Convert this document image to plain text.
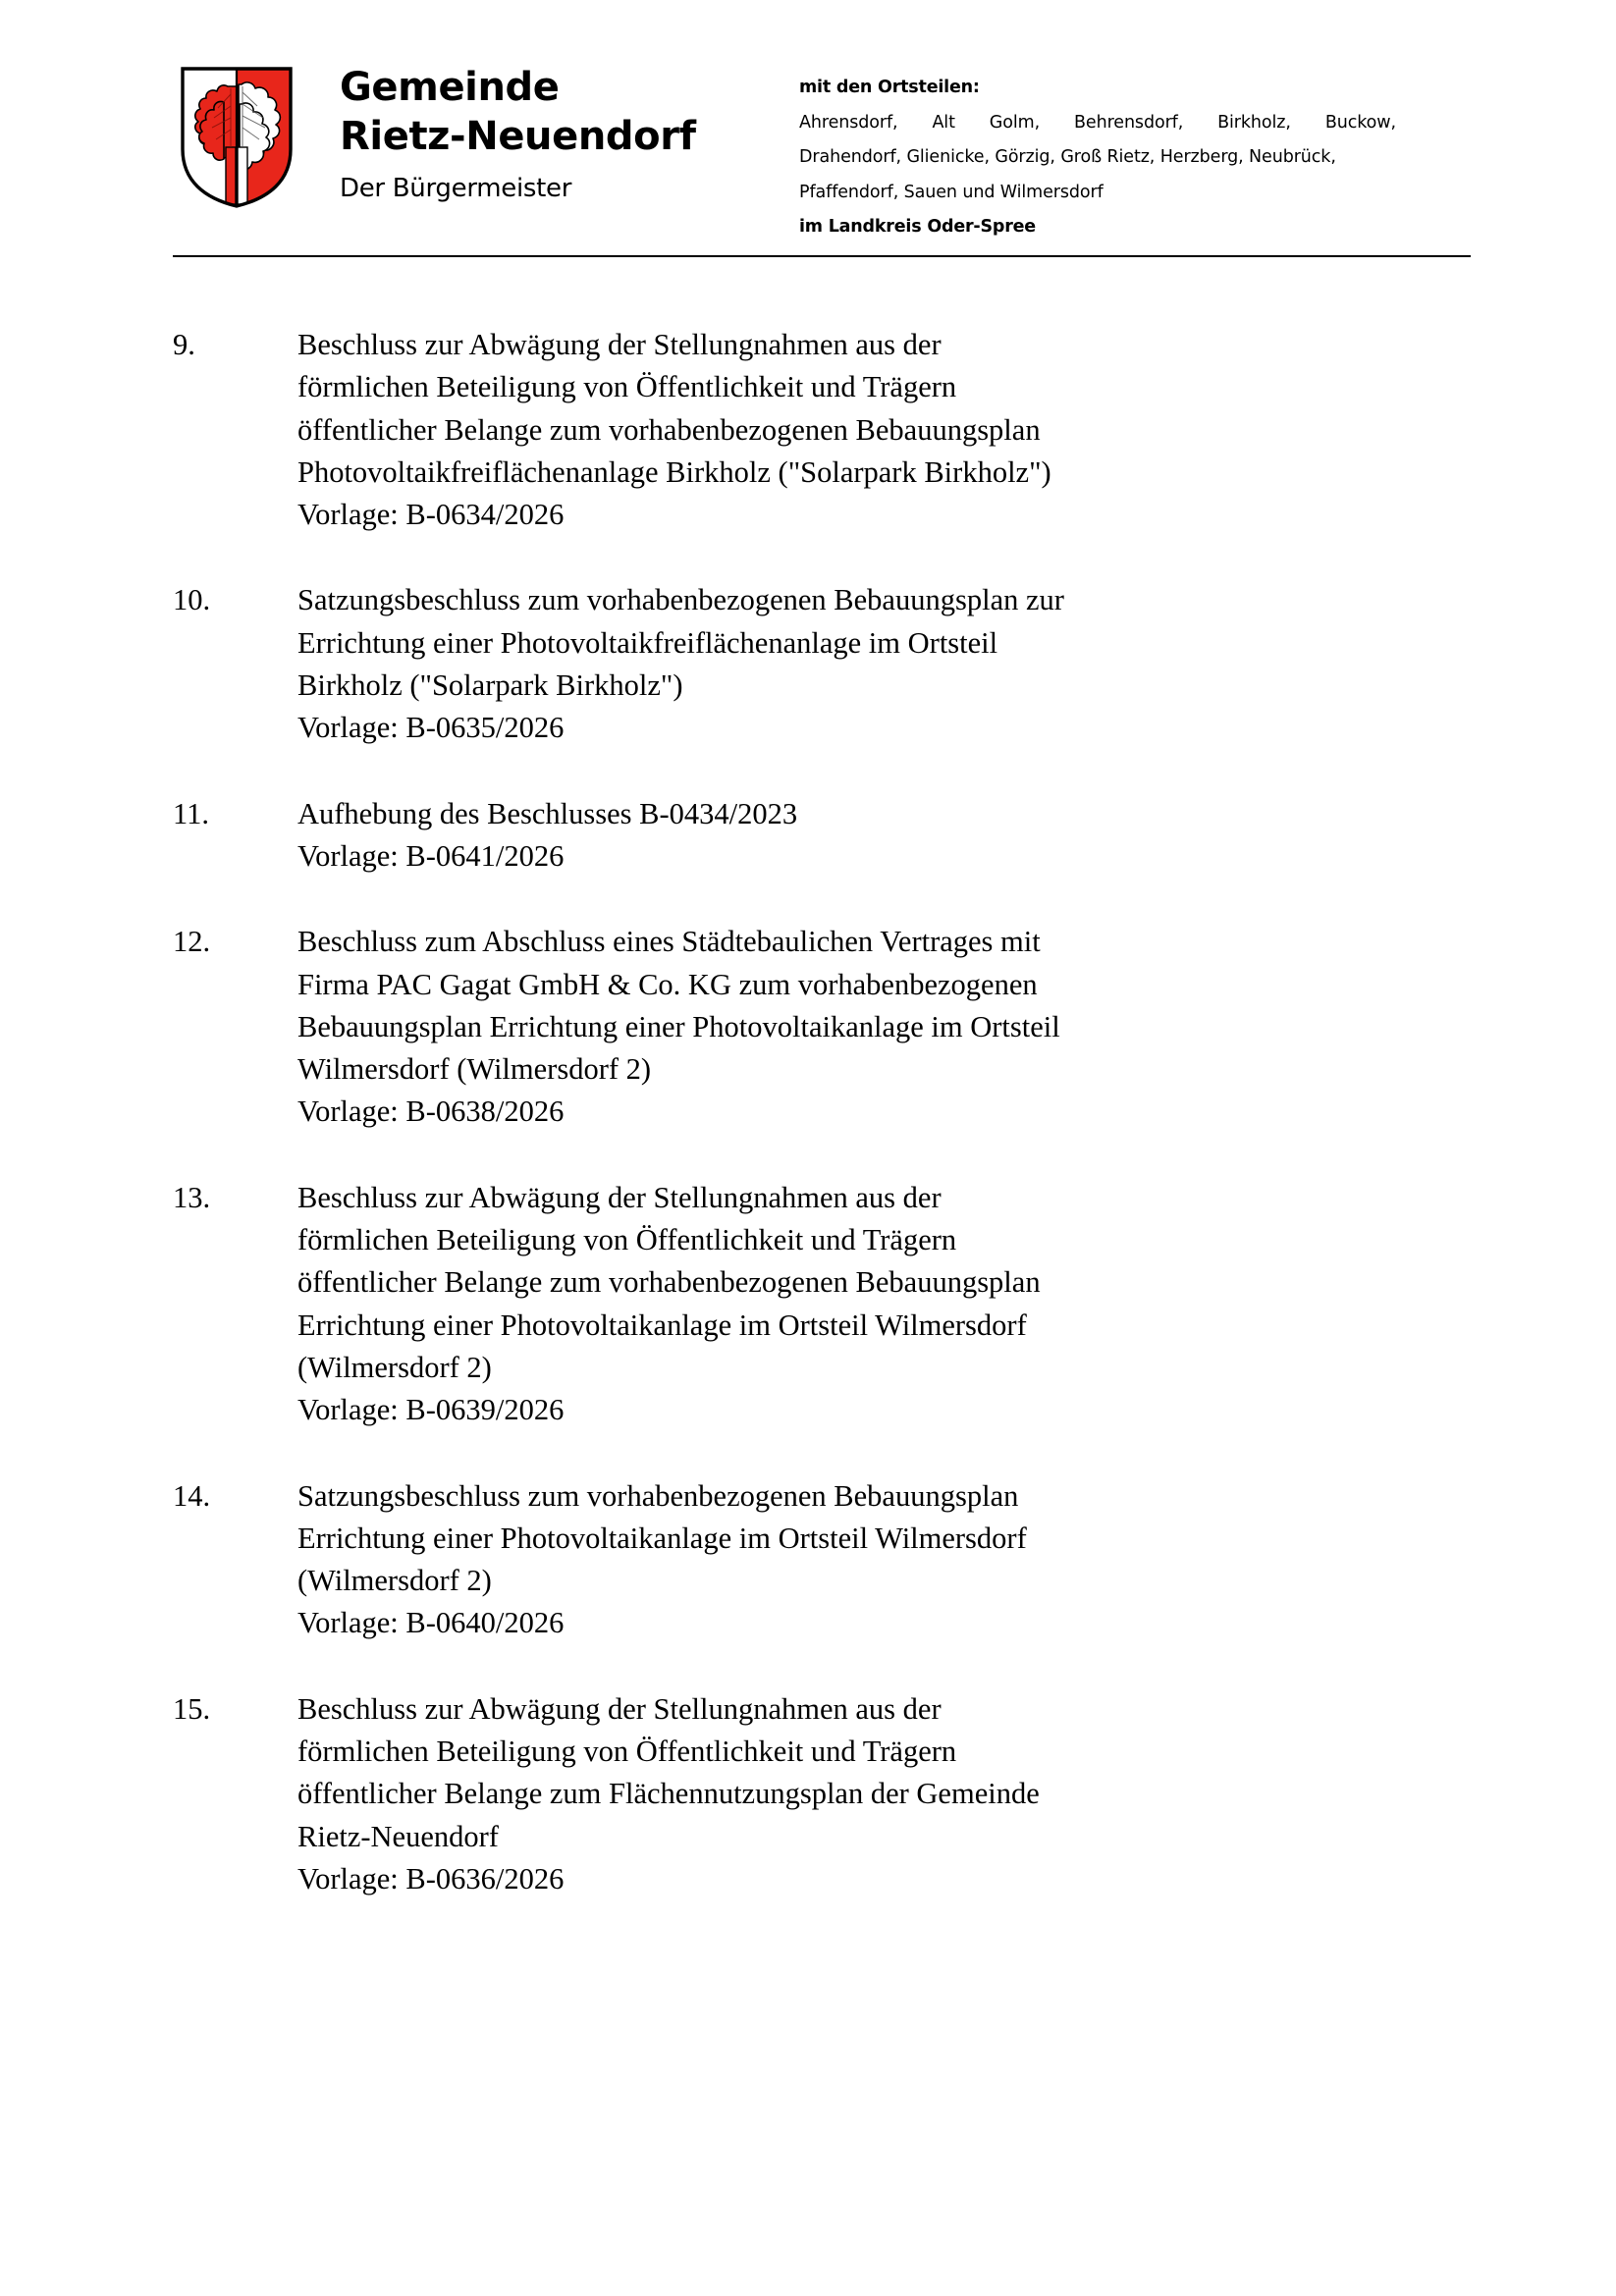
Gemeinde
Rietz-Neuendorf
Der Bürgermeister
mit den Ortsteilen:
Ahrensdorf, Alt Golm, Behrensdorf, Birkholz, Buckow,
Drahendorf, Glienicke, Görzig, Groß Rietz, Herzberg, Neubrück,
Pfaffendorf, Sauen und Wilmersdorf
im Landkreis Oder-Spree
9.	Beschluss zur Abwägung der Stellungnahmen aus der
förmlichen Beteiligung von Öffentlichkeit und Trägern
öffentlicher Belange zum vorhabenbezogenen Bebauungsplan
Photovoltaikfreiflächenanlage Birkholz ("Solarpark Birkholz")
Vorlage: B-0634/2026
10.	Satzungsbeschluss zum vorhabenbezogenen Bebauungsplan zur
Errichtung einer Photovoltaikfreiflächenanlage im Ortsteil
Birkholz ("Solarpark Birkholz")
Vorlage: B-0635/2026
11.	Aufhebung des Beschlusses B-0434/2023
Vorlage: B-0641/2026
12.	Beschluss zum Abschluss eines Städtebaulichen Vertrages mit
Firma PAC Gagat GmbH & Co. KG zum vorhabenbezogenen
Bebauungsplan Errichtung einer Photovoltaikanlage im Ortsteil
Wilmersdorf (Wilmersdorf 2)
Vorlage: B-0638/2026
13.	Beschluss zur Abwägung der Stellungnahmen aus der
förmlichen Beteiligung von Öffentlichkeit und Trägern
öffentlicher Belange zum vorhabenbezogenen Bebauungsplan
Errichtung einer Photovoltaikanlage im Ortsteil Wilmersdorf
(Wilmersdorf 2)
Vorlage: B-0639/2026
14.	Satzungsbeschluss zum vorhabenbezogenen Bebauungsplan
Errichtung einer Photovoltaikanlage im Ortsteil Wilmersdorf
(Wilmersdorf 2)
Vorlage: B-0640/2026
15.	Beschluss zur Abwägung der Stellungnahmen aus der
förmlichen Beteiligung von Öffentlichkeit und Trägern
öffentlicher Belange zum Flächennutzungsplan der Gemeinde
Rietz-Neuendorf
Vorlage: B-0636/2026
